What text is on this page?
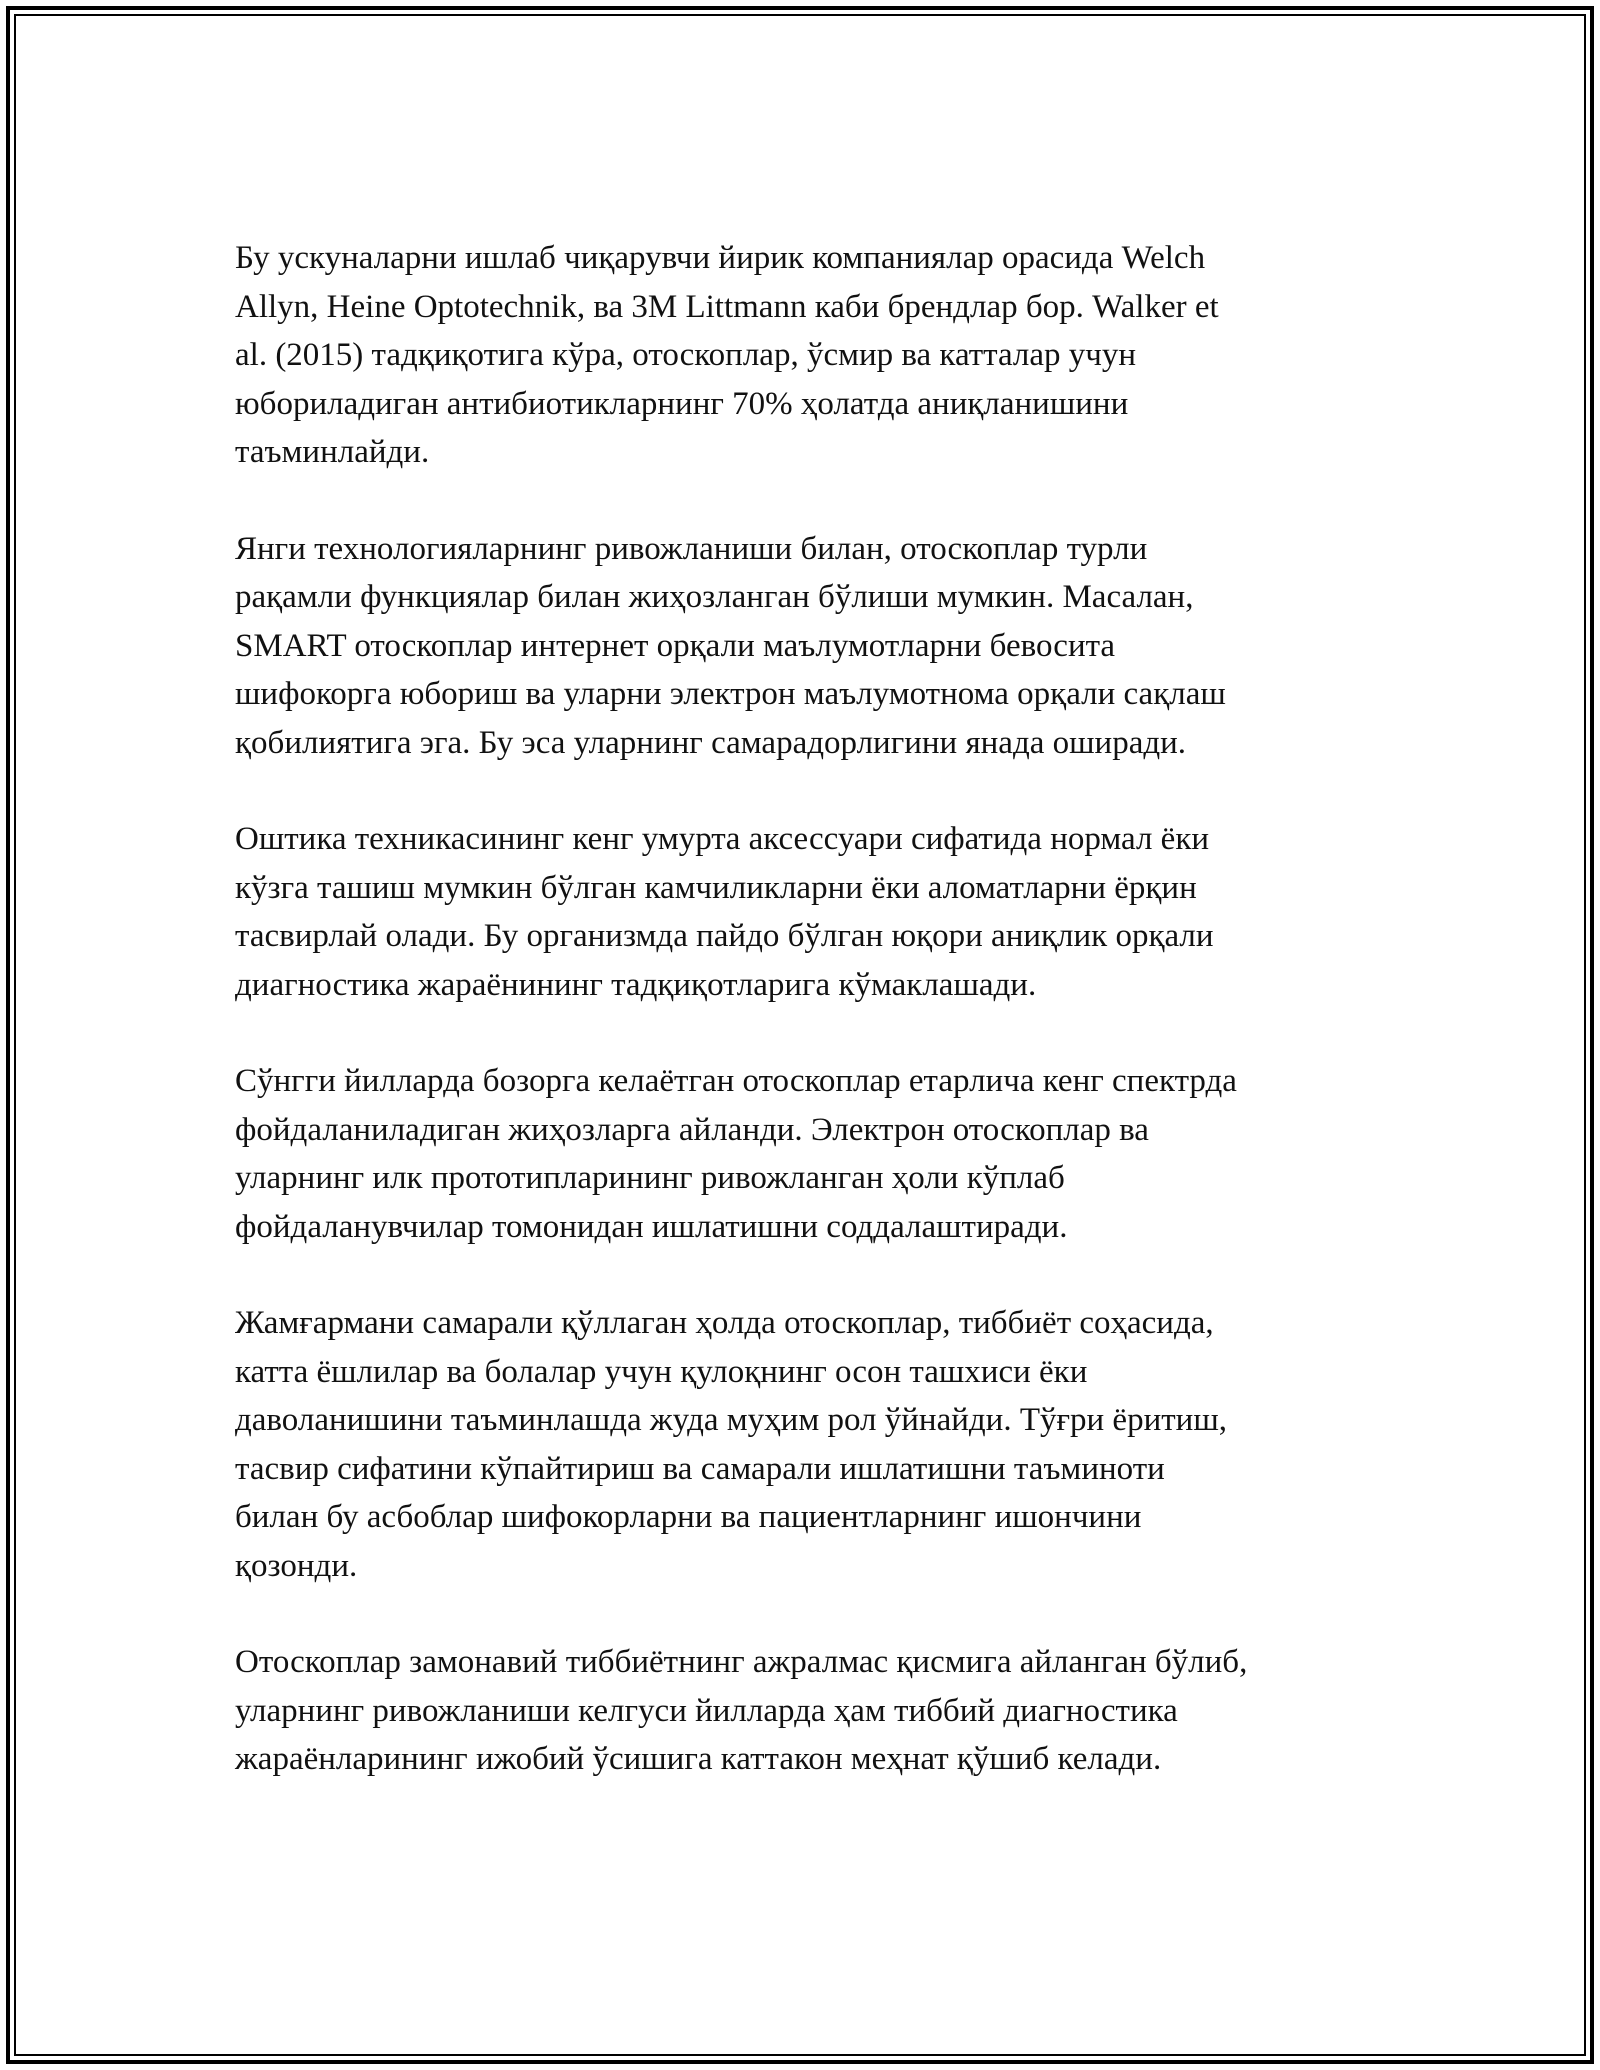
Бу ускуналарни ишлаб чиқарувчи йирик компаниялар орасида Welch
Allyn, Heine Optotechnik, ва 3M Littmann каби брендлар бор. Walker et
al. (2015) тадқиқотига кўра, отоскоплар, ўсмир ва катталар учун
юбориладиган антибиотикларнинг 70% ҳолатда аниқланишини
таъминлайди.

Янги технологияларнинг ривожланиши билан, отоскоплар турли
рақамли функциялар билан жиҳозланган бўлиши мумкин. Масалан,
SMART отоскоплар интернет орқали маълумотларни бевосита
шифокорга юбориш ва уларни электрон маълумотнома орқали сақлаш
қобилиятига эга. Бу эса уларнинг самарадорлигини янада оширади.

Оштика техникасининг кенг умуртa аксессуари сифатида нормал ёки
кўзга ташиш мумкин бўлган камчиликларни ёки аломатларни ёрқин
тасвирлай олади. Бу организмда пайдо бўлган юқори аниқлик орқали
диагностика жараёнининг тадқиқотларига кўмаклашади.

Сўнгги йилларда бозорга келаётган отоскоплар етарлича кенг спектрда
фойдаланиладиган жиҳозларга айланди. Электрон отоскоплар ва
уларнинг илк прототипларининг ривожланган ҳоли кўплаб
фойдаланувчилар томонидан ишлатишни соддалаштиради.

Жамғармани самарали қўллаган ҳолда отоскоплар, тиббиёт соҳасида,
катта ёшлилар ва болалар учун қулоқнинг осон ташхиси ёки
даволанишини таъминлашда жуда муҳим рол ўйнайди. Тўғри ёритиш,
тасвир сифатини кўпайтириш ва самарали ишлатишни таъминоти
билан бу асбоблар шифокорларни ва пациентларнинг ишончини
қозонди.

Отоскоплар замонавий тиббиётнинг ажралмас қисмига айланган бўлиб,
уларнинг ривожланиши келгуси йилларда ҳам тиббий диагностика
жараёнларининг ижобий ўсишига каттакон меҳнат қўшиб келади.
